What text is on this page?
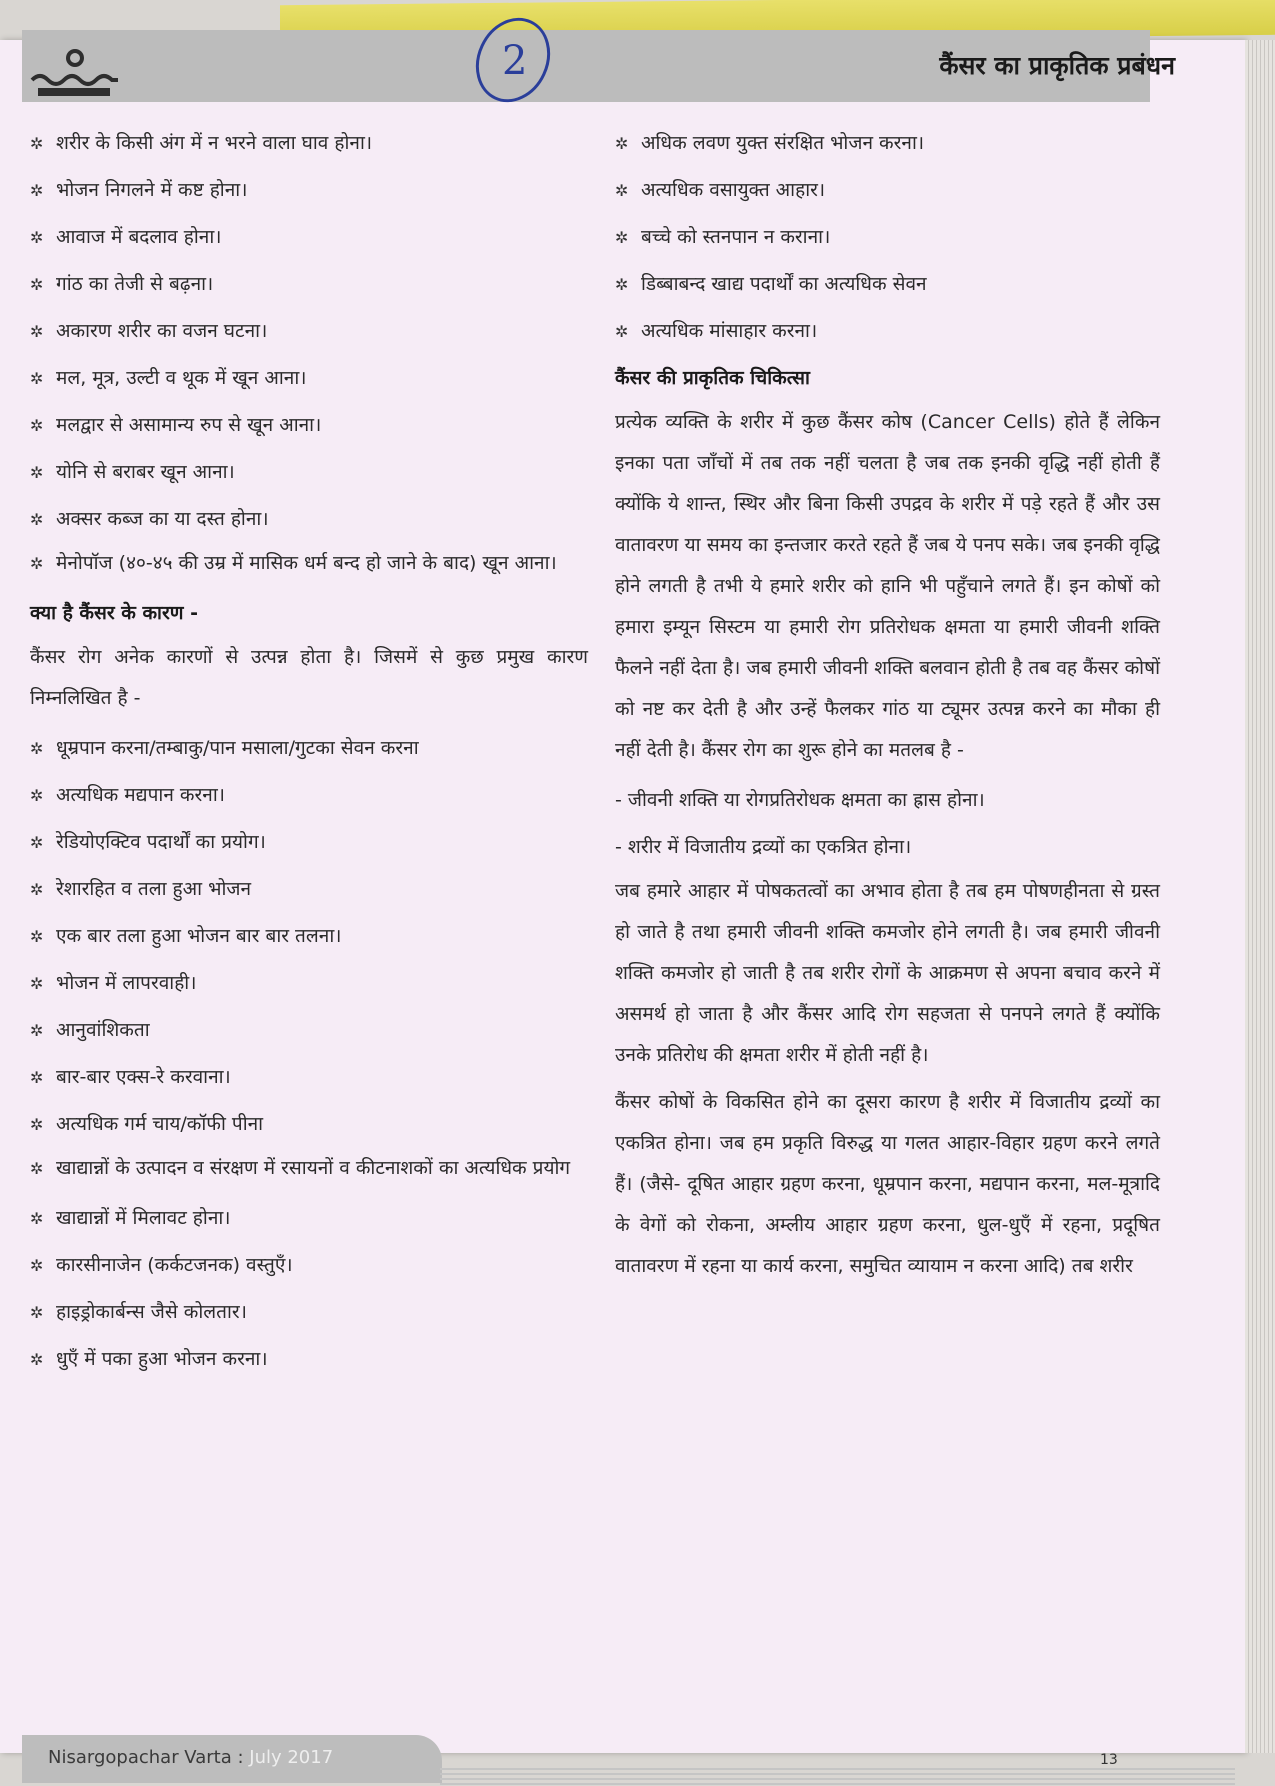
2	कैंसर का प्राकृतिक प्रबंधन
✲ शरीर के किसी अंग में न भरने वाला घाव होना।
✲ भोजन निगलने में कष्ट होना।
✲ आवाज में बदलाव होना।
✲ गांठ का तेजी से बढ़ना।
✲ अकारण शरीर का वजन घटना।
✲ मल, मूत्र, उल्टी व थूक में खून आना।
✲ मलद्वार से असामान्य रुप से खून आना।
✲ योनि से बराबर खून आना।
✲ अक्सर कब्ज का या दस्त होना।
✲ मेनोपॉज (४०-४५ की उम्र में मासिक धर्म बन्द हो जाने के बाद) खून आना।
क्या है कैंसर के कारण -
कैंसर रोग अनेक कारणों से उत्पन्न होता है। जिसमें से कुछ प्रमुख कारण निम्नलिखित है -
✲ धूम्रपान करना/तम्बाकु/पान मसाला/गुटका सेवन करना
✲ अत्यधिक मद्यपान करना।
✲ रेडियोएक्टिव पदार्थों का प्रयोग।
✲ रेशारहित व तला हुआ भोजन
✲ एक बार तला हुआ भोजन बार बार तलना।
✲ भोजन में लापरवाही।
✲ आनुवांशिकता
✲ बार-बार एक्स-रे करवाना।
✲ अत्यधिक गर्म चाय/कॉफी पीना
✲ खाद्यान्नों के उत्पादन व संरक्षण में रसायनों व कीटनाशकों का अत्यधिक प्रयोग
✲ खाद्यान्नों में मिलावट होना।
✲ कारसीनाजेन (कर्कटजनक) वस्तुएँ।
✲ हाइड्रोकार्बन्स जैसे कोलतार।
✲ धुएँ में पका हुआ भोजन करना।
✲ अधिक लवण युक्त संरक्षित भोजन करना।
✲ अत्यधिक वसायुक्त आहार।
✲ बच्चे को स्तनपान न कराना।
✲ डिब्बाबन्द खाद्य पदार्थों का अत्यधिक सेवन
✲ अत्यधिक मांसाहार करना।
कैंसर की प्राकृतिक चिकित्सा
प्रत्येक व्यक्ति के शरीर में कुछ कैंसर कोष (Cancer Cells) होते हैं लेकिन इनका पता जाँचों में तब तक नहीं चलता है जब तक इनकी वृद्धि नहीं होती हैं क्योंकि ये शान्त, स्थिर और बिना किसी उपद्रव के शरीर में पड़े रहते हैं और उस वातावरण या समय का इन्तजार करते रहते हैं जब ये पनप सके। जब इनकी वृद्धि होने लगती है तभी ये हमारे शरीर को हानि भी पहुँचाने लगते हैं। इन कोषों को हमारा इम्यून सिस्टम या हमारी रोग प्रतिरोधक क्षमता या हमारी जीवनी शक्ति फैलने नहीं देता है। जब हमारी जीवनी शक्ति बलवान होती है तब वह कैंसर कोषों को नष्ट कर देती है और उन्हें फैलकर गांठ या ट्यूमर उत्पन्न करने का मौका ही नहीं देती है। कैंसर रोग का शुरू होने का मतलब है -
- जीवनी शक्ति या रोगप्रतिरोधक क्षमता का ह्रास होना।
- शरीर में विजातीय द्रव्यों का एकत्रित होना।
जब हमारे आहार में पोषकतत्वों का अभाव होता है तब हम पोषणहीनता से ग्रस्त हो जाते है तथा हमारी जीवनी शक्ति कमजोर होने लगती है। जब हमारी जीवनी शक्ति कमजोर हो जाती है तब शरीर रोगों के आक्रमण से अपना बचाव करने में असमर्थ हो जाता है और कैंसर आदि रोग सहजता से पनपने लगते हैं क्योंकि उनके प्रतिरोध की क्षमता शरीर में होती नहीं है।
कैंसर कोषों के विकसित होने का दूसरा कारण है शरीर में विजातीय द्रव्यों का एकत्रित होना। जब हम प्रकृति विरुद्ध या गलत आहार-विहार ग्रहण करने लगते हैं। (जैसे- दूषित आहार ग्रहण करना, धूम्रपान करना, मद्यपान करना, मल-मूत्रादि के वेगों को रोकना, अम्लीय आहार ग्रहण करना, धुल-धुएँ में रहना, प्रदूषित वातावरण में रहना या कार्य करना, समुचित व्यायाम न करना आदि) तब शरीर
Nisargopachar Varta : July 2017	13
